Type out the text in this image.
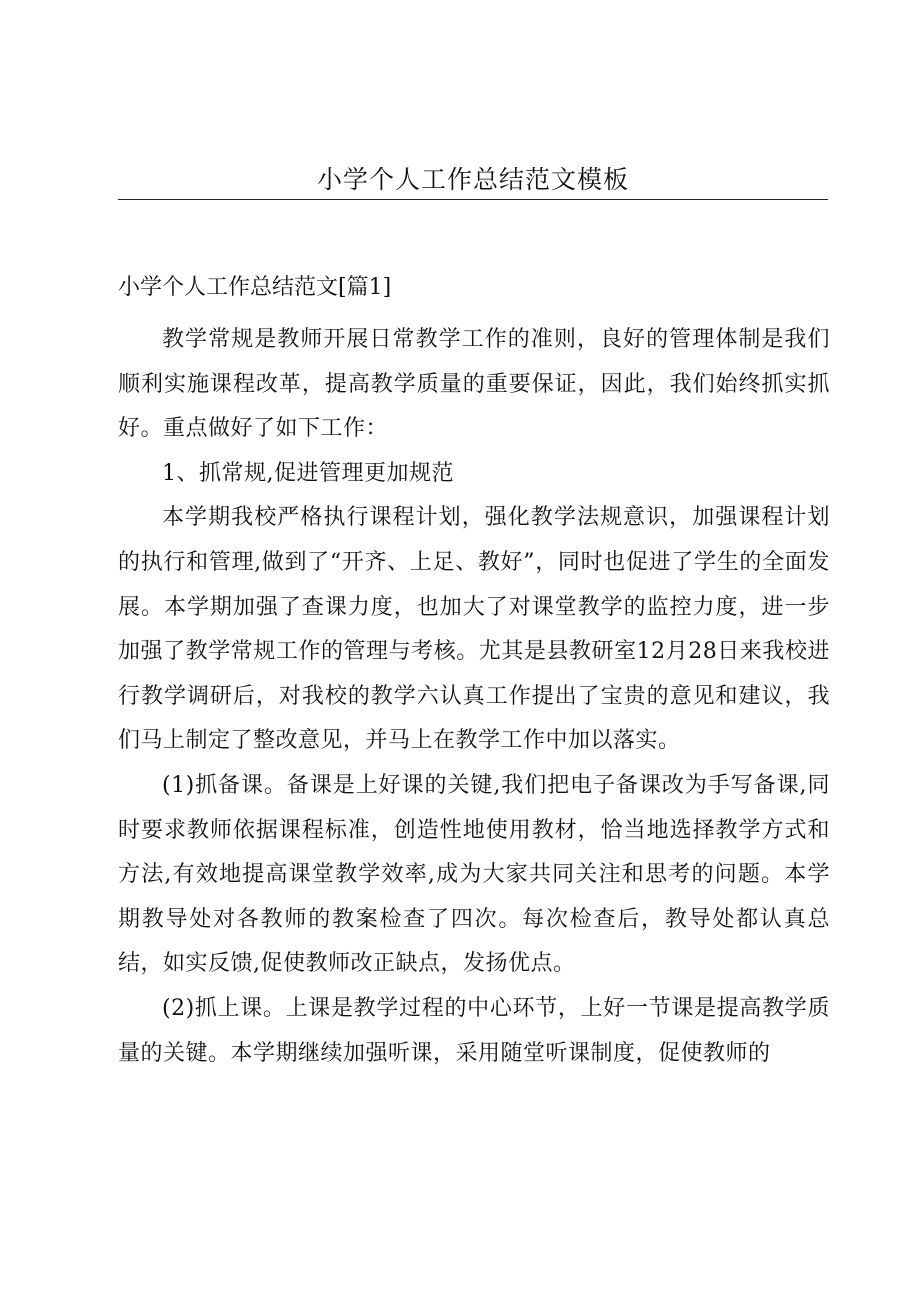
小学个人工作总结范文模板
小学个人工作总结范文[篇1]

教学常规是教师开展日常教学工作的准则，良好的管理体制是我们顺利实施课程改革，提高教学质量的重要保证，因此，我们始终抓实抓好。重点做好了如下工作：

1、抓常规,促进管理更加规范

本学期我校严格执行课程计划，强化教学法规意识，加强课程计划的执行和管理,做到了“开齐、上足、教好”，同时也促进了学生的全面发展。本学期加强了查课力度，也加大了对课堂教学的监控力度，进一步加强了教学常规工作的管理与考核。尤其是县教研室12月28日来我校进行教学调研后，对我校的教学六认真工作提出了宝贵的意见和建议，我们马上制定了整改意见，并马上在教学工作中加以落实。

(1)抓备课。备课是上好课的关键,我们把电子备课改为手写备课,同时要求教师依据课程标准，创造性地使用教材，恰当地选择教学方式和方法,有效地提高课堂教学效率,成为大家共同关注和思考的问题。本学期教导处对各教师的教案检查了四次。每次检查后，教导处都认真总结，如实反馈,促使教师改正缺点，发扬优点。

(2)抓上课。上课是教学过程的中心环节，上好一节课是提高教学质量的关键。本学期继续加强听课，采用随堂听课制度，促使教师的
